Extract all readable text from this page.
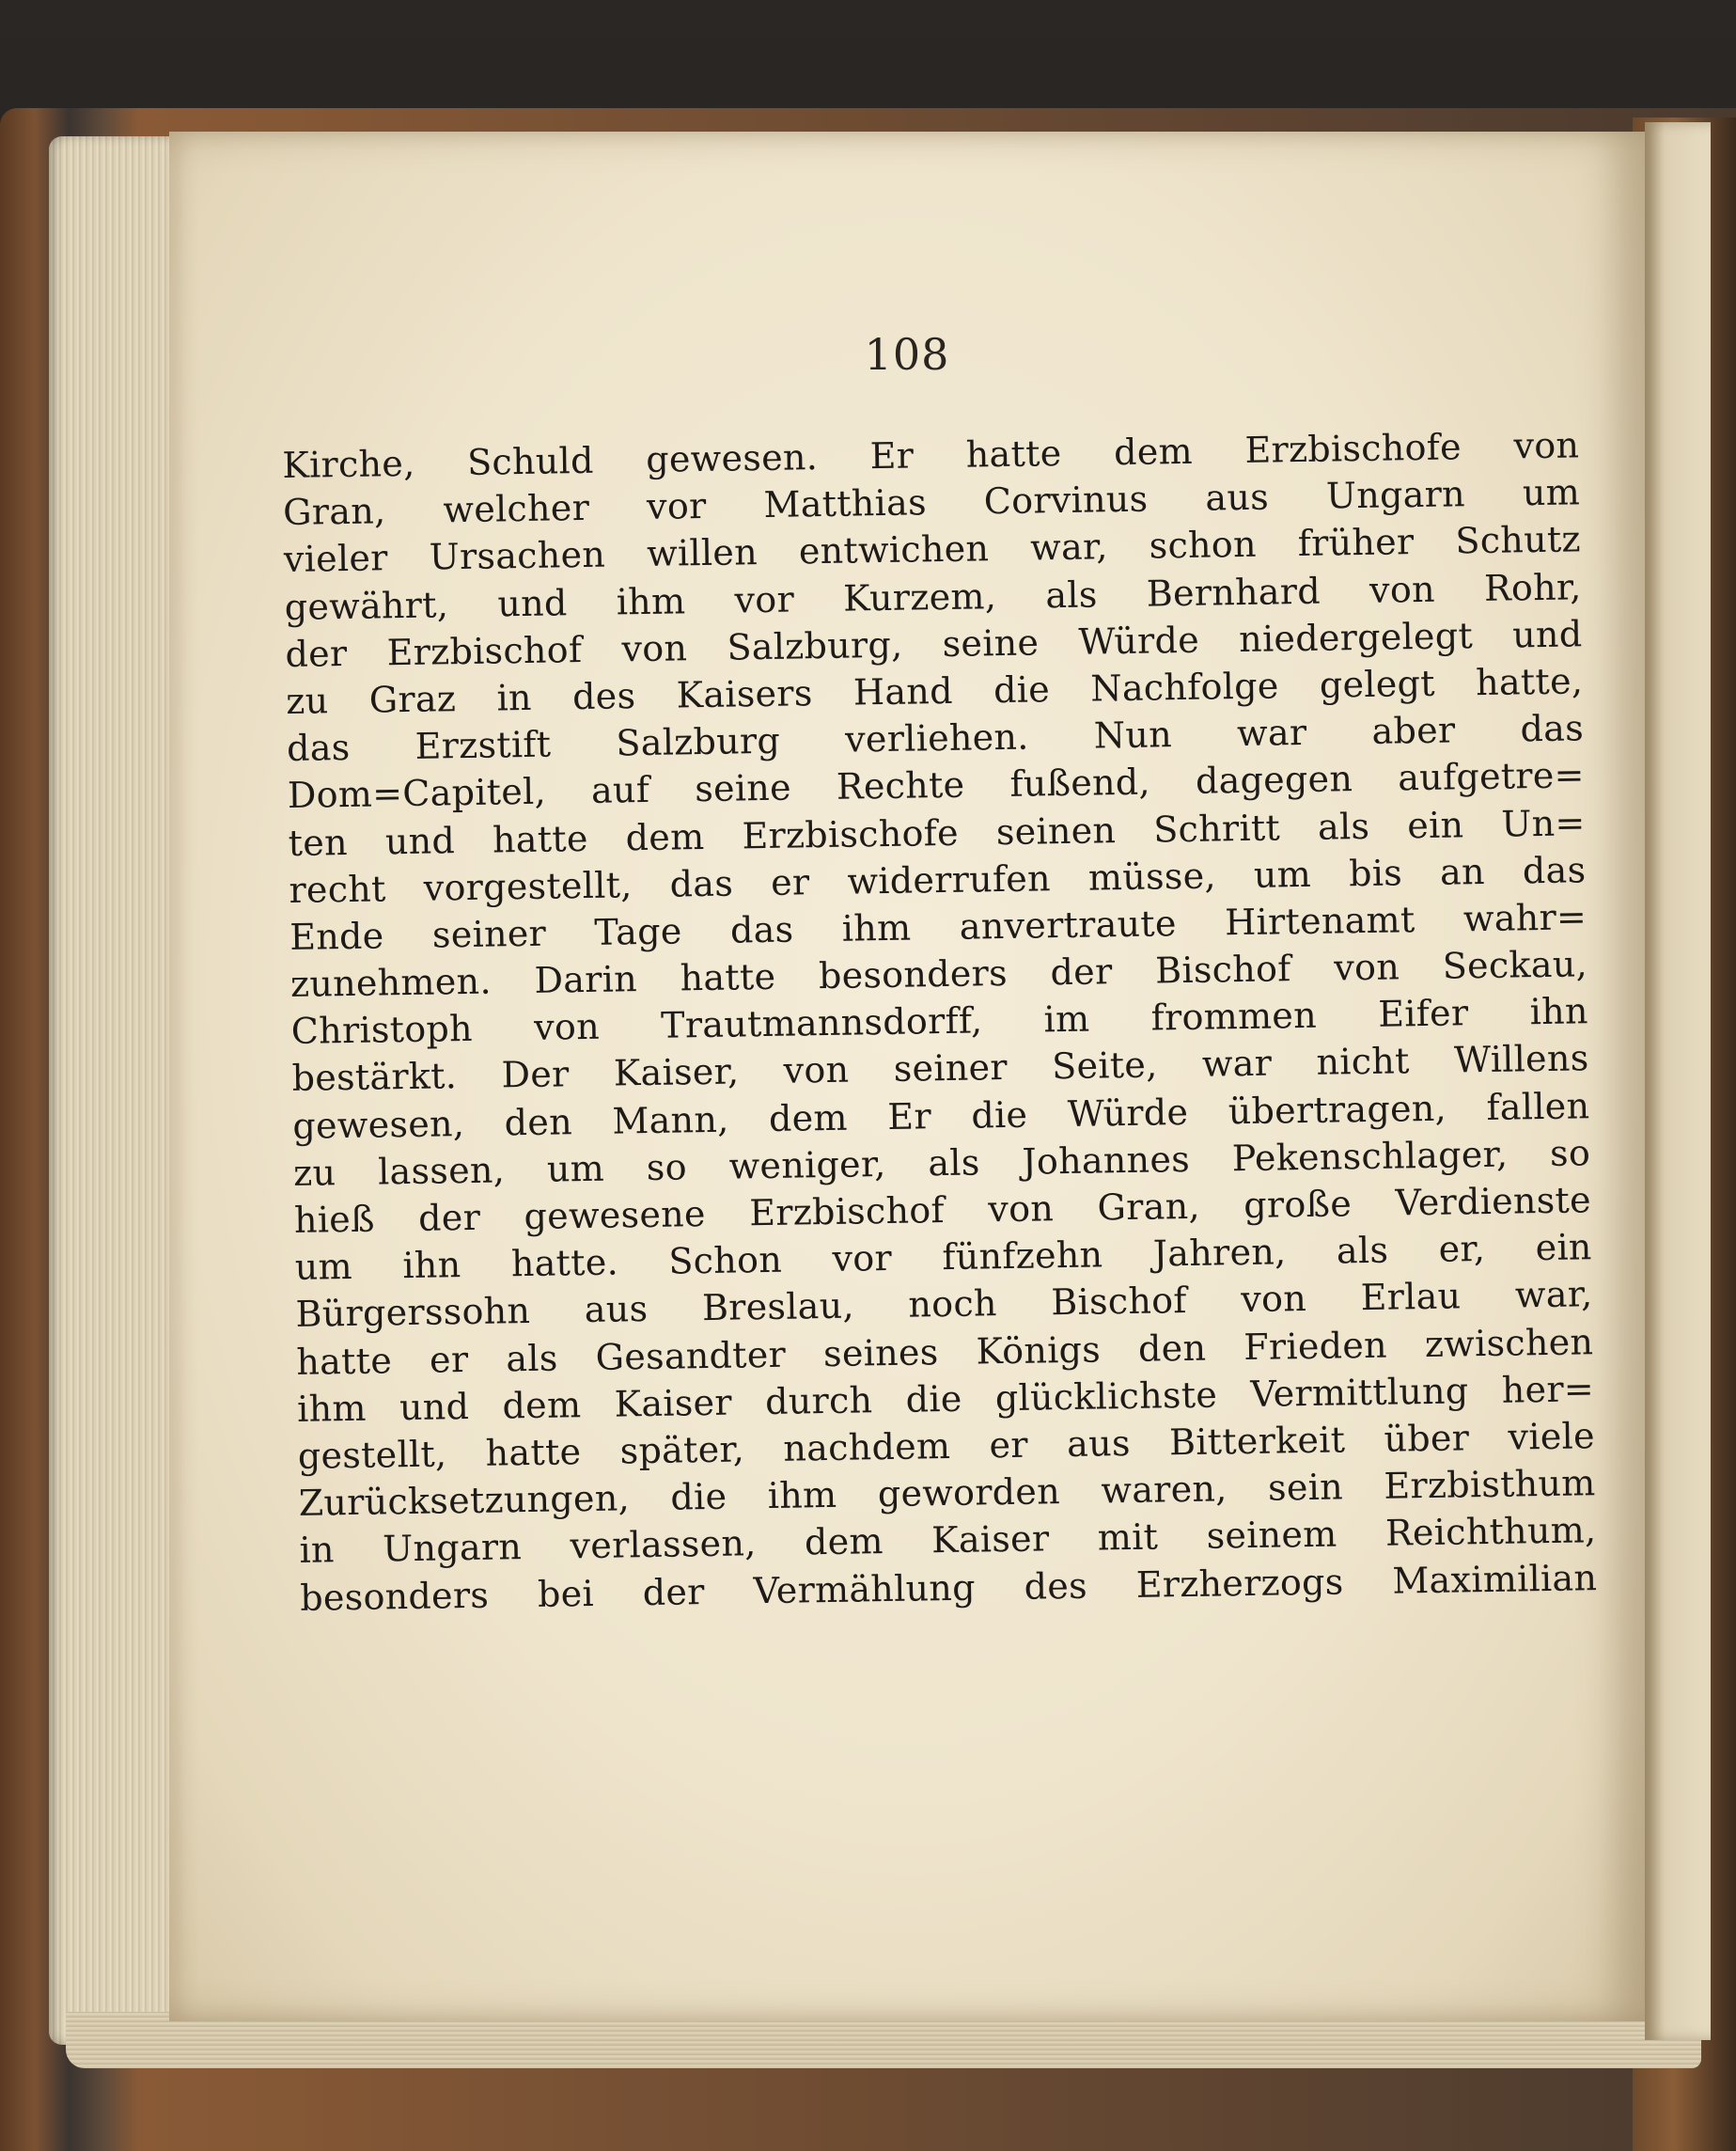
108
Kirche, Schuld gewesen. Er hatte dem Erzbischofe von
Gran, welcher vor Matthias Corvinus aus Ungarn um
vieler Ursachen willen entwichen war, schon früher Schutz
gewährt, und ihm vor Kurzem, als Bernhard von Rohr,
der Erzbischof von Salzburg, seine Würde niedergelegt und
zu Graz in des Kaisers Hand die Nachfolge gelegt hatte,
das Erzstift Salzburg verliehen. Nun war aber das
Dom=Capitel, auf seine Rechte fußend, dagegen aufgetre=
ten und hatte dem Erzbischofe seinen Schritt als ein Un=
recht vorgestellt, das er widerrufen müsse, um bis an das
Ende seiner Tage das ihm anvertraute Hirtenamt wahr=
zunehmen. Darin hatte besonders der Bischof von Seckau,
Christoph von Trautmannsdorff, im frommen Eifer ihn
bestärkt. Der Kaiser, von seiner Seite, war nicht Willens
gewesen, den Mann, dem Er die Würde übertragen, fallen
zu lassen, um so weniger, als Johannes Pekenschlager, so
hieß der gewesene Erzbischof von Gran, große Verdienste
um ihn hatte. Schon vor fünfzehn Jahren, als er, ein
Bürgerssohn aus Breslau, noch Bischof von Erlau war,
hatte er als Gesandter seines Königs den Frieden zwischen
ihm und dem Kaiser durch die glücklichste Vermittlung her=
gestellt, hatte später, nachdem er aus Bitterkeit über viele
Zurücksetzungen, die ihm geworden waren, sein Erzbisthum
in Ungarn verlassen, dem Kaiser mit seinem Reichthum,
besonders bei der Vermählung des Erzherzogs Maximilian
